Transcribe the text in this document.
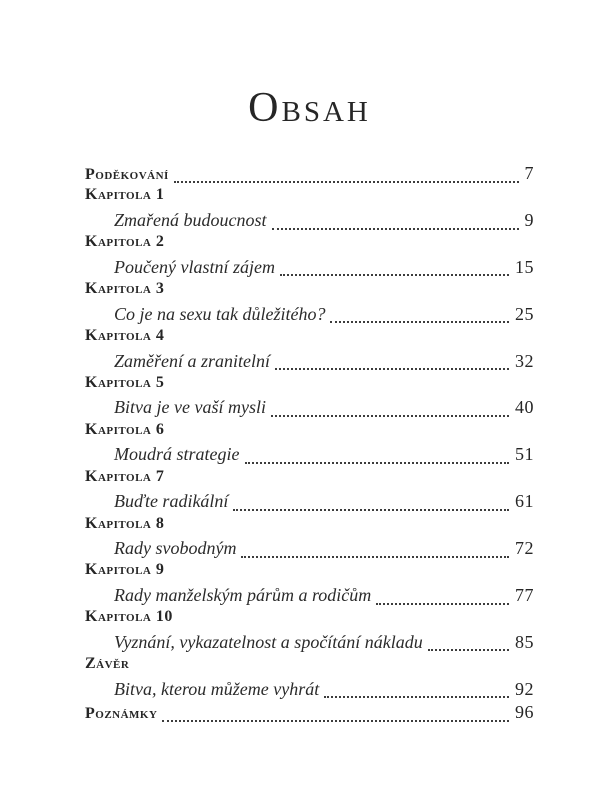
Obsah
Poděkování	7
Kapitola 1
Zmařená budoucnost	9
Kapitola 2
Poučený vlastní zájem	15
Kapitola 3
Co je na sexu tak důležitého?	25
Kapitola 4
Zaměření a zranitelní	32
Kapitola 5
Bitva je ve vaší mysli	40
Kapitola 6
Moudrá strategie	51
Kapitola 7
Buďte radikální	61
Kapitola 8
Rady svobodným	72
Kapitola 9
Rady manželským párům a rodičům	77
Kapitola 10
Vyznání, vykazatelnost a spočítání nákladu	85
Závěr
Bitva, kterou můžeme vyhrát	92
Poznámky	96
